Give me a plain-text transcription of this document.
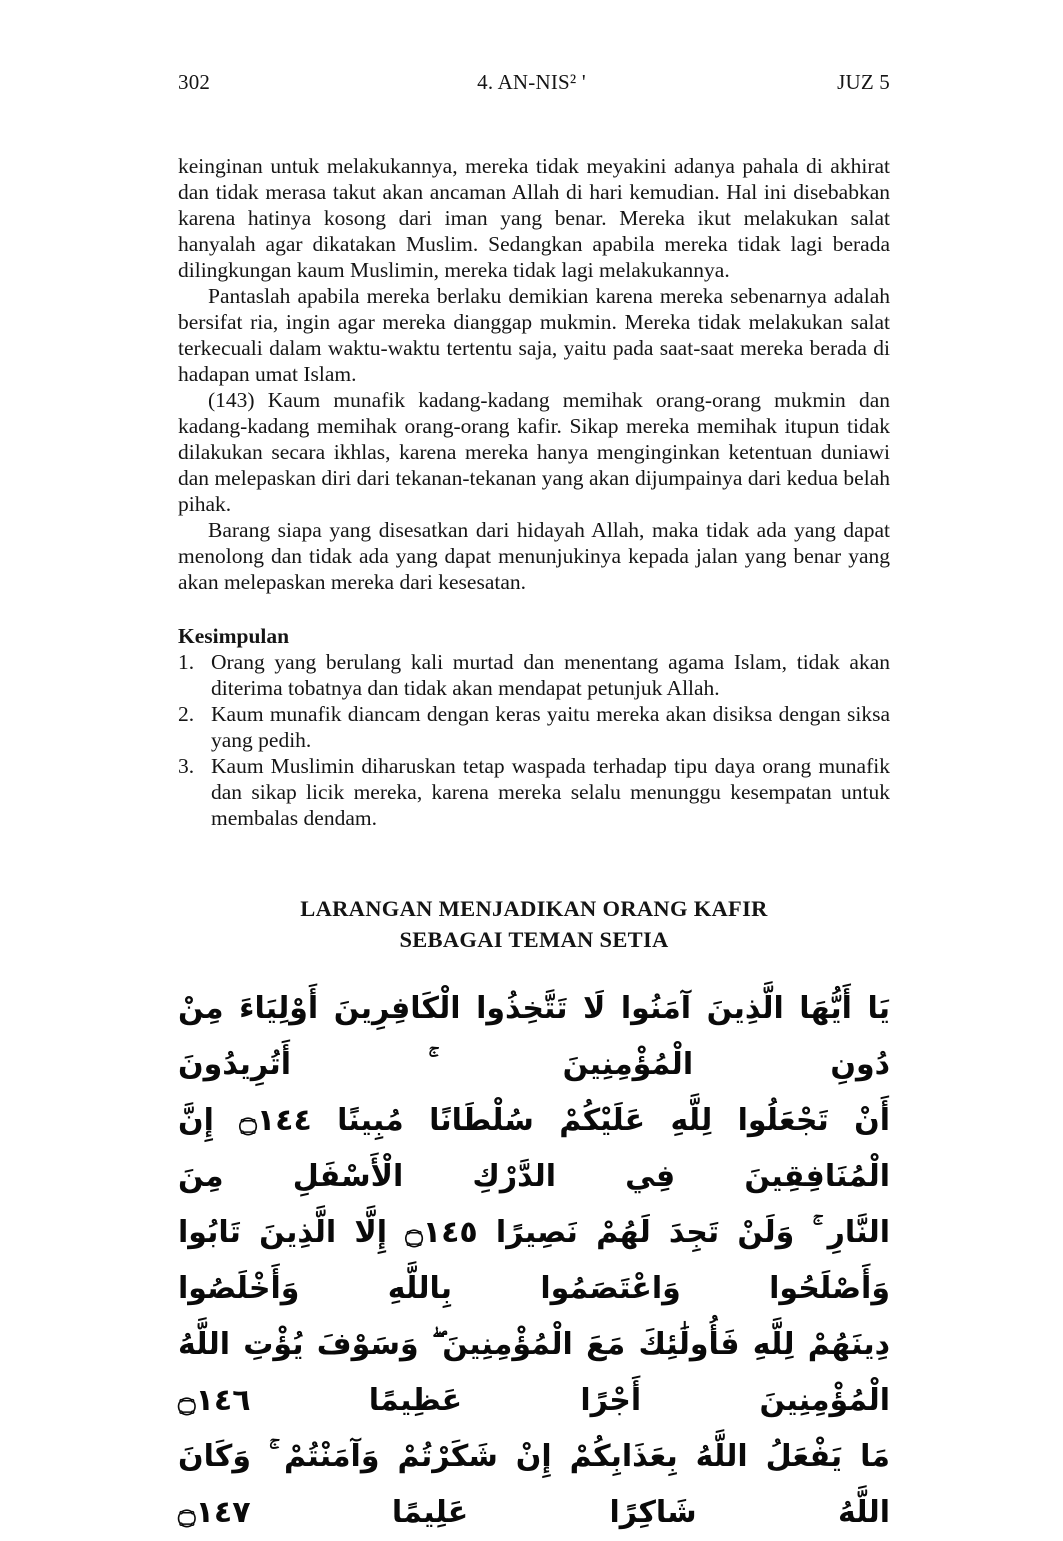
302	4. AN-NIS² '	JUZ 5

keinginan untuk melakukannya, mereka tidak meyakini adanya pahala di akhirat dan tidak merasa takut akan ancaman Allah di hari kemudian. Hal ini disebabkan karena hatinya kosong dari iman yang benar. Mereka ikut melakukan salat hanyalah agar dikatakan Muslim. Sedangkan apabila mereka tidak lagi berada dilingkungan kaum Muslimin, mereka tidak lagi melakukannya.

Pantaslah apabila mereka berlaku demikian karena mereka sebenarnya adalah bersifat ria, ingin agar mereka dianggap mukmin. Mereka tidak melakukan salat terkecuali dalam waktu-waktu tertentu saja, yaitu pada saat-saat mereka berada di hadapan umat Islam.

(143) Kaum munafik kadang-kadang memihak orang-orang mukmin dan kadang-kadang memihak orang-orang kafir. Sikap mereka memihak itupun tidak dilakukan secara ikhlas, karena mereka hanya menginginkan ketentuan duniawi dan melepaskan diri dari tekanan-tekanan yang akan dijumpainya dari kedua belah pihak.

Barang siapa yang disesatkan dari hidayah Allah, maka tidak ada yang dapat menolong dan tidak ada yang dapat menunjukinya kepada jalan yang benar yang akan melepaskan mereka dari kesesatan.

Kesimpulan
1. Orang yang berulang kali murtad dan menentang agama Islam, tidak akan diterima tobatnya dan tidak akan mendapat petunjuk Allah.
2. Kaum munafik diancam dengan keras yaitu mereka akan disiksa dengan siksa yang pedih.
3. Kaum Muslimin diharuskan tetap waspada terhadap tipu daya orang munafik dan sikap licik mereka, karena mereka selalu menunggu kesempatan untuk membalas dendam.
LARANGAN MENJADIKAN ORANG KAFIR
SEBAGAI TEMAN SETIA
يَا أَيُّهَا الَّذِينَ آمَنُوا لَا تَتَّخِذُوا الْكَافِرِينَ أَوْلِيَاءَ مِنْ دُونِ الْمُؤْمِنِينَ ۚ أَتُرِيدُونَ
أَنْ تَجْعَلُوا لِلَّهِ عَلَيْكُمْ سُلْطَانًا مُبِينًا ۝١٤٤ إِنَّ الْمُنَافِقِينَ فِي الدَّرْكِ الْأَسْفَلِ مِنَ
النَّارِ ۚ وَلَنْ تَجِدَ لَهُمْ نَصِيرًا ۝١٤٥ إِلَّا الَّذِينَ تَابُوا وَأَصْلَحُوا وَاعْتَصَمُوا بِاللَّهِ وَأَخْلَصُوا
دِينَهُمْ لِلَّهِ فَأُولَٰئِكَ مَعَ الْمُؤْمِنِينَ ۖ وَسَوْفَ يُؤْتِ اللَّهُ الْمُؤْمِنِينَ أَجْرًا عَظِيمًا ۝١٤٦
مَا يَفْعَلُ اللَّهُ بِعَذَابِكُمْ إِنْ شَكَرْتُمْ وَآمَنْتُمْ ۚ وَكَانَ اللَّهُ شَاكِرًا عَلِيمًا ۝١٤٧
